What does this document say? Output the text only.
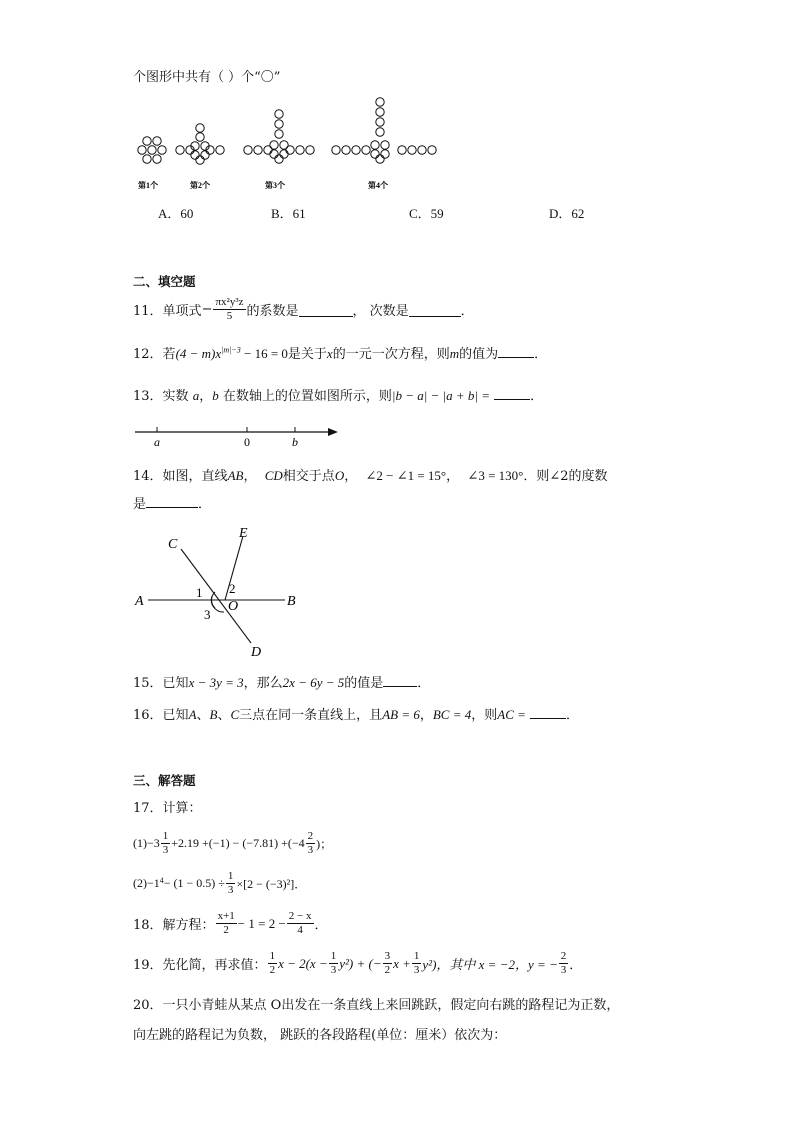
个图形中共有（ ）个“〇”
第1个	第2个	第3个	第4个
A．60	B．61	C．59	D．62
二、填空题
11． 单项式 − $\frac{\text{πx²y³z}}{5}$ 的系数是	， 次数是	．
12．若$(4 - m)x^{|m|-3} - 16 = 0$是关于x的一元一次方程，则m的值为	．
13．实数 a，b 在数轴上的位置如图所示，则|b − a| − |a + b| =	．
a	0	b
14．如图，直线AB， CD相交于点O， ∠2 − ∠1 = 15°， ∠3 = 130°．则∠2的度数
是	．
A	B
C
D
E
O
1 2
3
15．已知x − 3y = 3，那么2x − 6y − 5的值是	．
16．已知A、B、C三点在同一条直线上，且AB = 6，BC = 4，则AC =	．
三、解答题
17．计算：
$(1)-3 \frac{1}{3} +2.19 +(-1) - (-7.81) +(-4 \frac{2}{3}$ )；
$(2)-1^4 - (1 - 0.5) \div \frac{1}{3} \times[2 - (-3)^2]$．
18． 解方程： $\frac{x+1}{2} - 1 = 2 - \frac{2 - x}{4}$ ．
19． 先化简，再求值： $\frac{1}{2}$ $x - 2(x - \frac{1}{3} y^2)$ + (− $\frac{3}{2}$ $x + \frac{1}{3} y^2$)，其中 x = −2，y = − $\frac{2}{3}$ ．
20．一只小青蛙从某点 O出发在一条直线上来回跳跃，假定向右跳的路程记为正数，
向左跳的路程记为负数， 跳跃的各段路程(单位：厘米）依次为：
